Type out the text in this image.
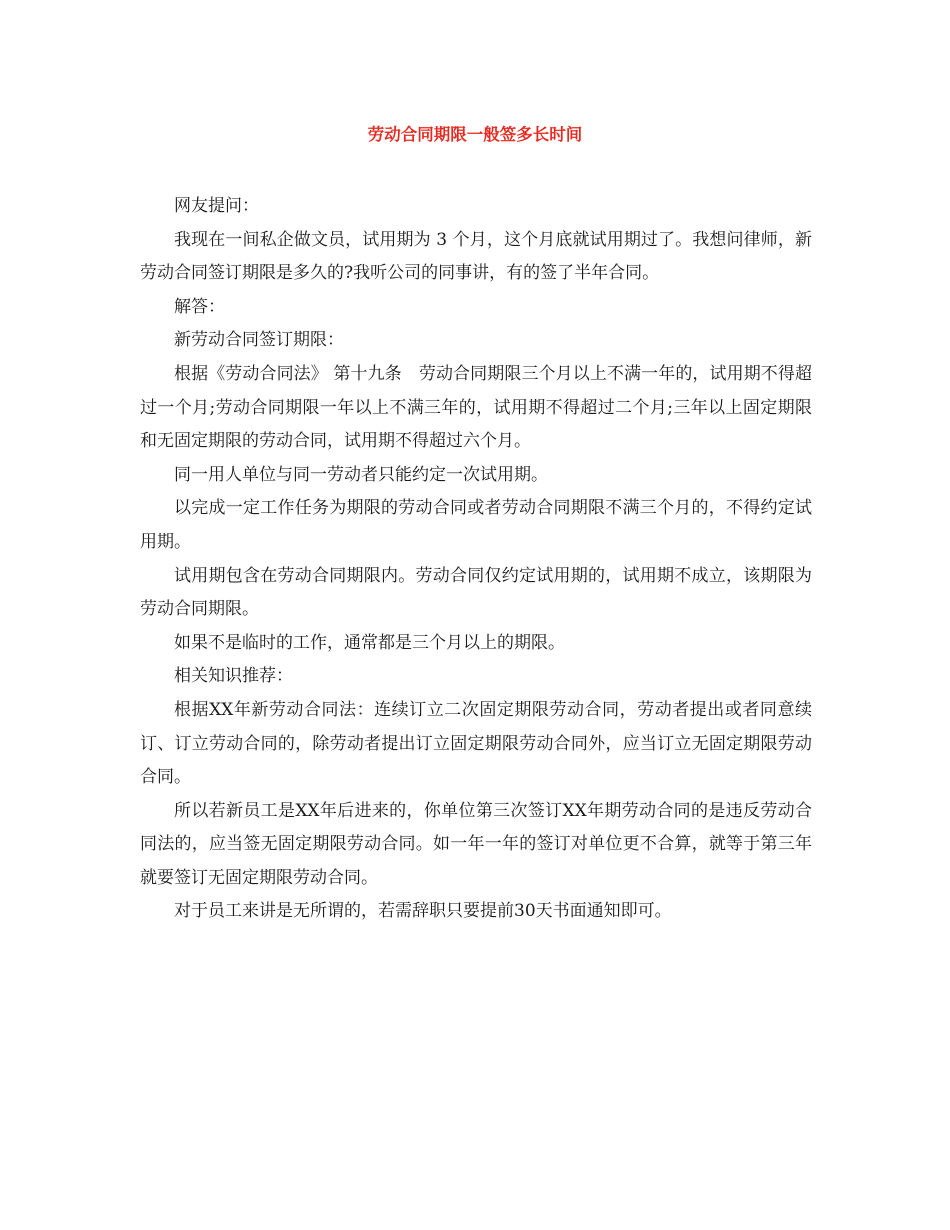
劳动合同期限一般签多长时间

网友提问：

我现在一间私企做文员，试用期为 3 个月，这个月底就试用期过了。我想问律师，新劳动合同签订期限是多久的?我听公司的同事讲，有的签了半年合同。

解答：

新劳动合同签订期限：

根据《劳动合同法》 第十九条　劳动合同期限三个月以上不满一年的，试用期不得超过一个月;劳动合同期限一年以上不满三年的，试用期不得超过二个月;三年以上固定期限和无固定期限的劳动合同，试用期不得超过六个月。

同一用人单位与同一劳动者只能约定一次试用期。

以完成一定工作任务为期限的劳动合同或者劳动合同期限不满三个月的，不得约定试用期。

试用期包含在劳动合同期限内。劳动合同仅约定试用期的，试用期不成立，该期限为劳动合同期限。

如果不是临时的工作，通常都是三个月以上的期限。

相关知识推荐：

根据XX年新劳动合同法：连续订立二次固定期限劳动合同，劳动者提出或者同意续订、订立劳动合同的，除劳动者提出订立固定期限劳动合同外，应当订立无固定期限劳动合同。

所以若新员工是XX年后进来的，你单位第三次签订XX年期劳动合同的是违反劳动合同法的，应当签无固定期限劳动合同。如一年一年的签订对单位更不合算，就等于第三年就要签订无固定期限劳动合同。

对于员工来讲是无所谓的，若需辞职只要提前30天书面通知即可。
